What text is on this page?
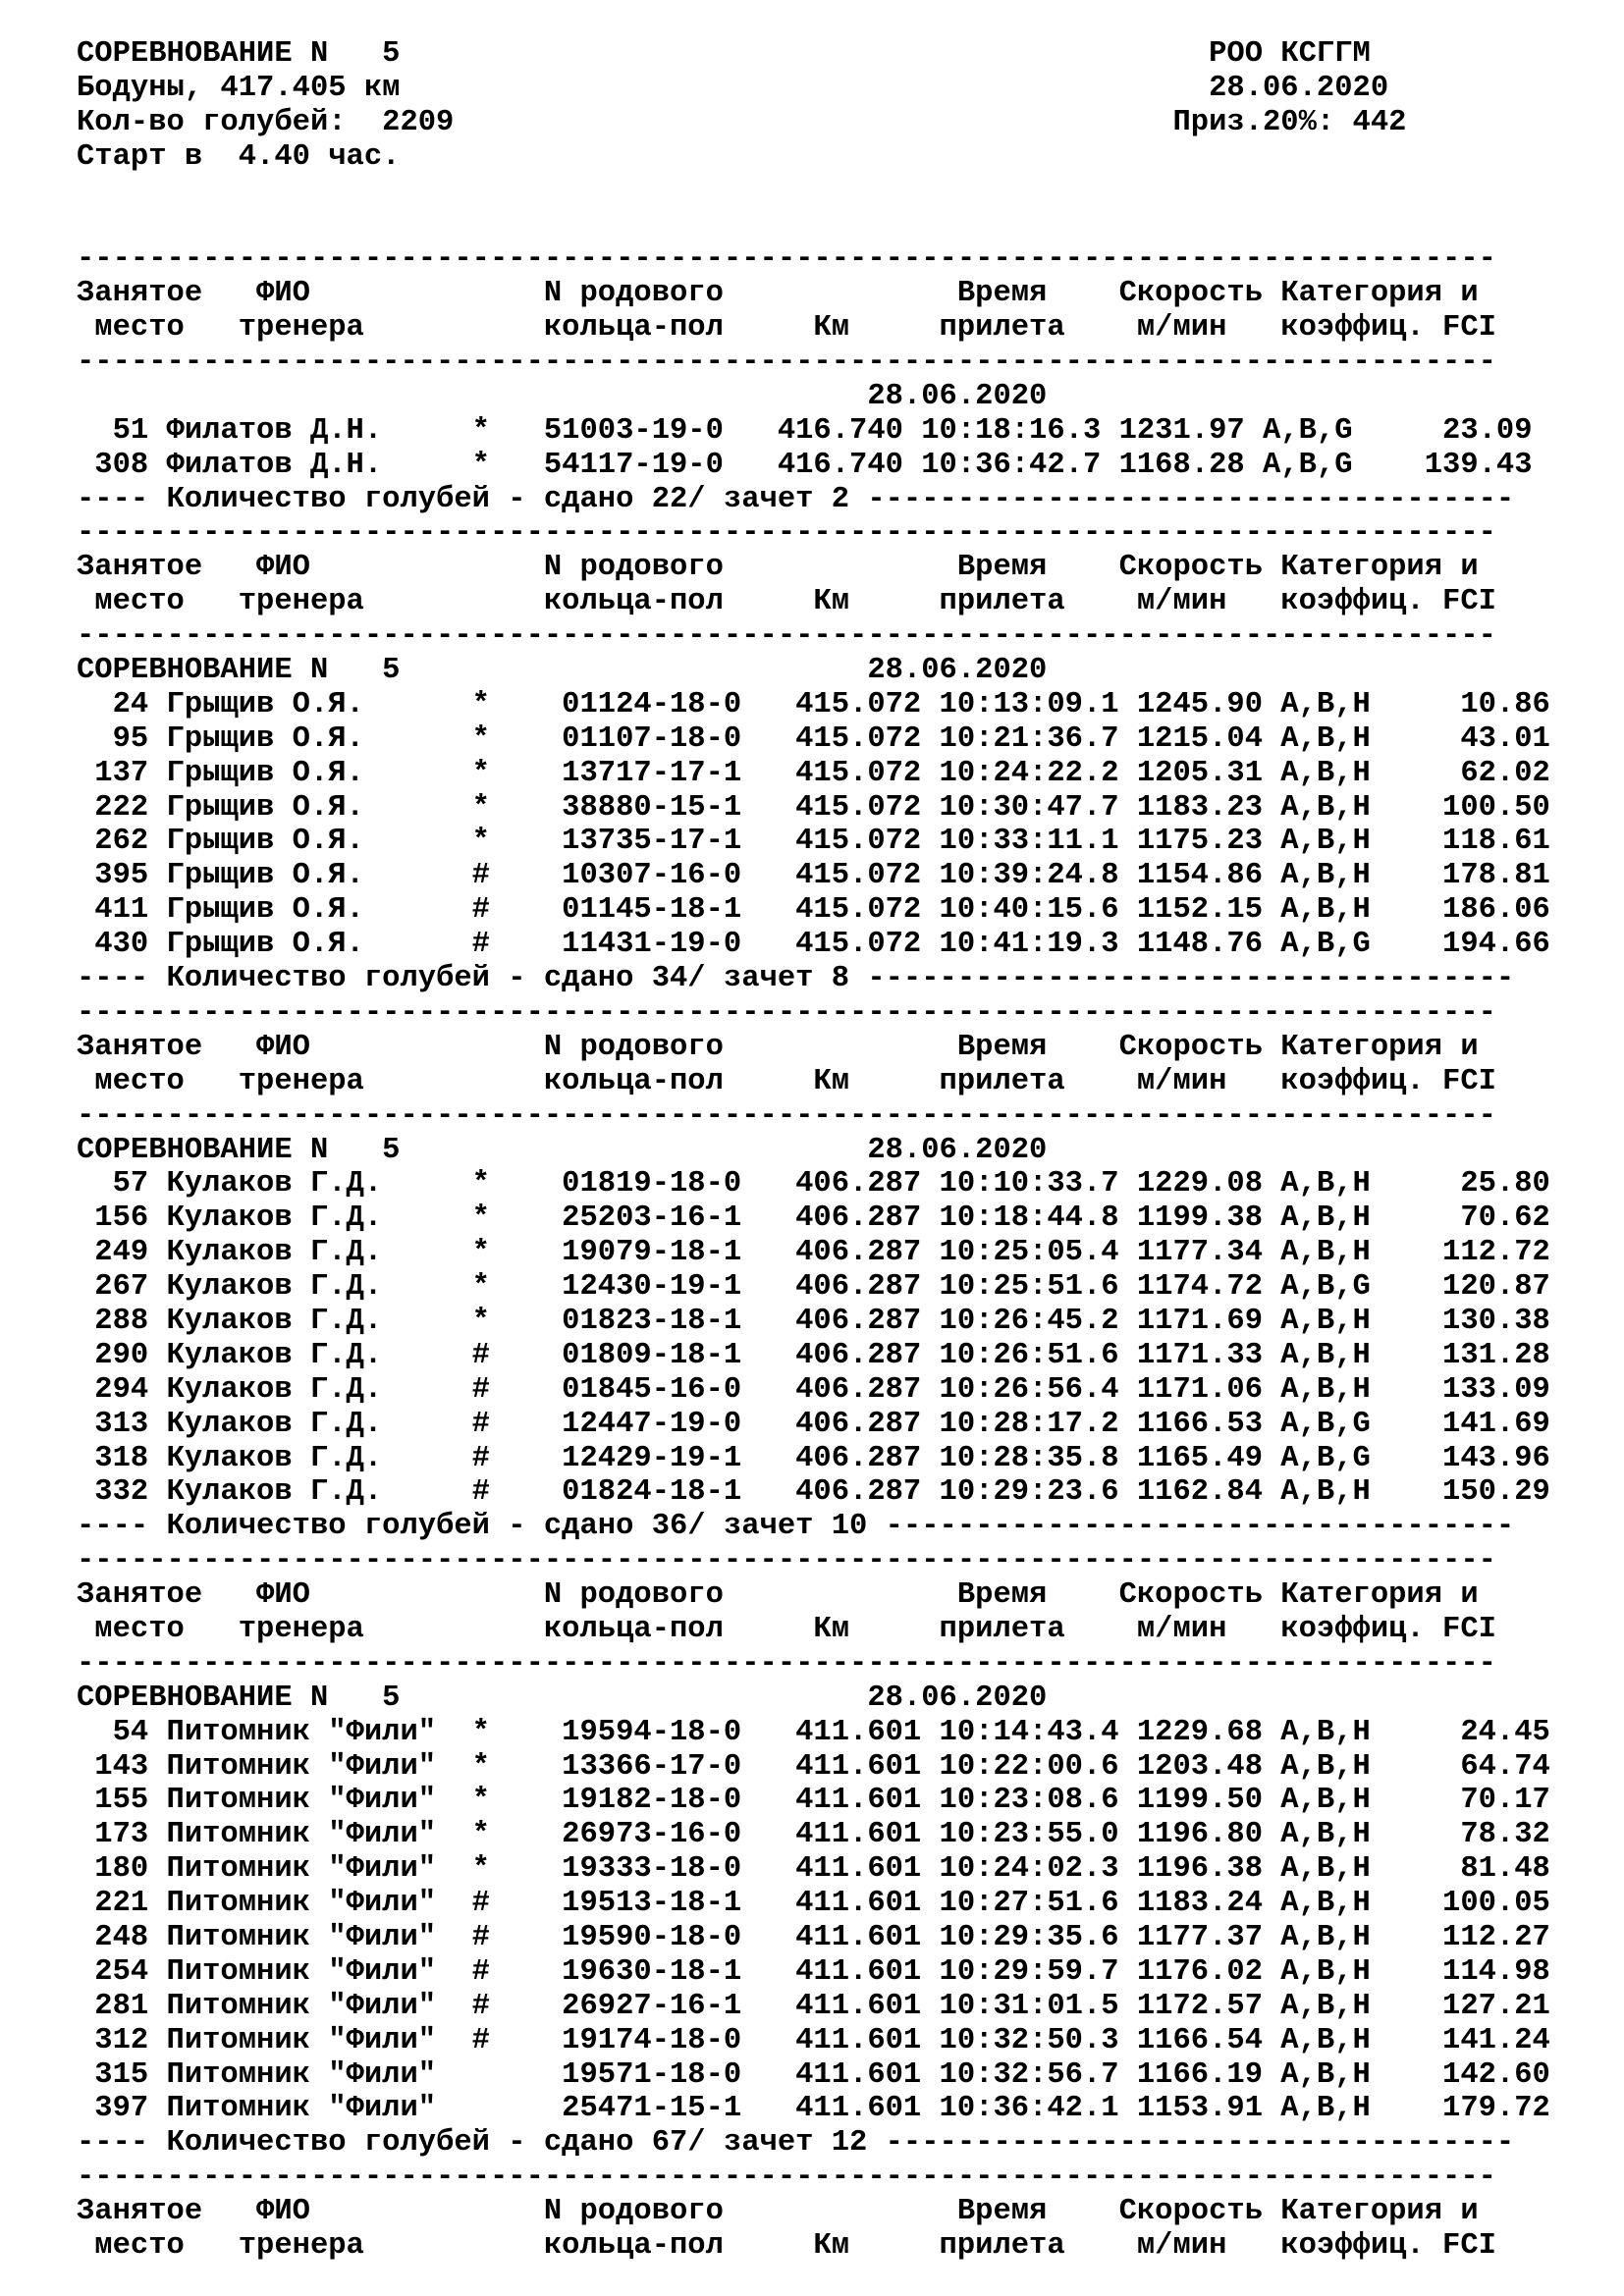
СОРЕВНОВАНИЕ N   5                                             РОО КСГГМ
Бодуны, 417.405 км                                             28.06.2020
Кол-во голубей:  2209                                        Приз.20%: 442
Старт в  4.40 час.
-------------------------------------------------------------------------------
Занятое   ФИО             N родового             Время    Скорость Категория и
место   тренера          кольца-пол     Км     прилета    м/мин   коэффиц. FCI
-------------------------------------------------------------------------------
28.06.2020
51 Филатов Д.Н.     *   51003-19-0   416.740 10:18:16.3 1231.97 A,B,G     23.09
308 Филатов Д.Н.     *   54117-19-0   416.740 10:36:42.7 1168.28 A,B,G    139.43
---- Количество голубей - сдано 22/ зачет 2 ------------------------------------
-------------------------------------------------------------------------------
Занятое   ФИО             N родового             Время    Скорость Категория и
место   тренера          кольца-пол     Км     прилета    м/мин   коэффиц. FCI
-------------------------------------------------------------------------------
СОРЕВНОВАНИЕ N   5                          28.06.2020
24 Грыщив О.Я.      *    01124-18-0   415.072 10:13:09.1 1245.90 A,B,H     10.86
95 Грыщив О.Я.      *    01107-18-0   415.072 10:21:36.7 1215.04 A,B,H     43.01
137 Грыщив О.Я.      *    13717-17-1   415.072 10:24:22.2 1205.31 A,B,H     62.02
222 Грыщив О.Я.      *    38880-15-1   415.072 10:30:47.7 1183.23 A,B,H    100.50
262 Грыщив О.Я.      *    13735-17-1   415.072 10:33:11.1 1175.23 A,B,H    118.61
395 Грыщив О.Я.      #    10307-16-0   415.072 10:39:24.8 1154.86 A,B,H    178.81
411 Грыщив О.Я.      #    01145-18-1   415.072 10:40:15.6 1152.15 A,B,H    186.06
430 Грыщив О.Я.      #    11431-19-0   415.072 10:41:19.3 1148.76 A,B,G    194.66
---- Количество голубей - сдано 34/ зачет 8 ------------------------------------
-------------------------------------------------------------------------------
Занятое   ФИО             N родового             Время    Скорость Категория и
место   тренера          кольца-пол     Км     прилета    м/мин   коэффиц. FCI
-------------------------------------------------------------------------------
СОРЕВНОВАНИЕ N   5                          28.06.2020
57 Кулаков Г.Д.     *    01819-18-0   406.287 10:10:33.7 1229.08 A,B,H     25.80
156 Кулаков Г.Д.     *    25203-16-1   406.287 10:18:44.8 1199.38 A,B,H     70.62
249 Кулаков Г.Д.     *    19079-18-1   406.287 10:25:05.4 1177.34 A,B,H    112.72
267 Кулаков Г.Д.     *    12430-19-1   406.287 10:25:51.6 1174.72 A,B,G    120.87
288 Кулаков Г.Д.     *    01823-18-1   406.287 10:26:45.2 1171.69 A,B,H    130.38
290 Кулаков Г.Д.     #    01809-18-1   406.287 10:26:51.6 1171.33 A,B,H    131.28
294 Кулаков Г.Д.     #    01845-16-0   406.287 10:26:56.4 1171.06 A,B,H    133.09
313 Кулаков Г.Д.     #    12447-19-0   406.287 10:28:17.2 1166.53 A,B,G    141.69
318 Кулаков Г.Д.     #    12429-19-1   406.287 10:28:35.8 1165.49 A,B,G    143.96
332 Кулаков Г.Д.     #    01824-18-1   406.287 10:29:23.6 1162.84 A,B,H    150.29
---- Количество голубей - сдано 36/ зачет 10 -----------------------------------
-------------------------------------------------------------------------------
Занятое   ФИО             N родового             Время    Скорость Категория и
место   тренера          кольца-пол     Км     прилета    м/мин   коэффиц. FCI
-------------------------------------------------------------------------------
СОРЕВНОВАНИЕ N   5                          28.06.2020
54 Питомник "Фили"  *    19594-18-0   411.601 10:14:43.4 1229.68 A,B,H     24.45
143 Питомник "Фили"  *    13366-17-0   411.601 10:22:00.6 1203.48 A,B,H     64.74
155 Питомник "Фили"  *    19182-18-0   411.601 10:23:08.6 1199.50 A,B,H     70.17
173 Питомник "Фили"  *    26973-16-0   411.601 10:23:55.0 1196.80 A,B,H     78.32
180 Питомник "Фили"  *    19333-18-0   411.601 10:24:02.3 1196.38 A,B,H     81.48
221 Питомник "Фили"  #    19513-18-1   411.601 10:27:51.6 1183.24 A,B,H    100.05
248 Питомник "Фили"  #    19590-18-0   411.601 10:29:35.6 1177.37 A,B,H    112.27
254 Питомник "Фили"  #    19630-18-1   411.601 10:29:59.7 1176.02 A,B,H    114.98
281 Питомник "Фили"  #    26927-16-1   411.601 10:31:01.5 1172.57 A,B,H    127.21
312 Питомник "Фили"  #    19174-18-0   411.601 10:32:50.3 1166.54 A,B,H    141.24
315 Питомник "Фили"       19571-18-0   411.601 10:32:56.7 1166.19 A,B,H    142.60
397 Питомник "Фили"       25471-15-1   411.601 10:36:42.1 1153.91 A,B,H    179.72
---- Количество голубей - сдано 67/ зачет 12 -----------------------------------
-------------------------------------------------------------------------------
Занятое   ФИО             N родового             Время    Скорость Категория и
место   тренера          кольца-пол     Км     прилета    м/мин   коэффиц. FCI
